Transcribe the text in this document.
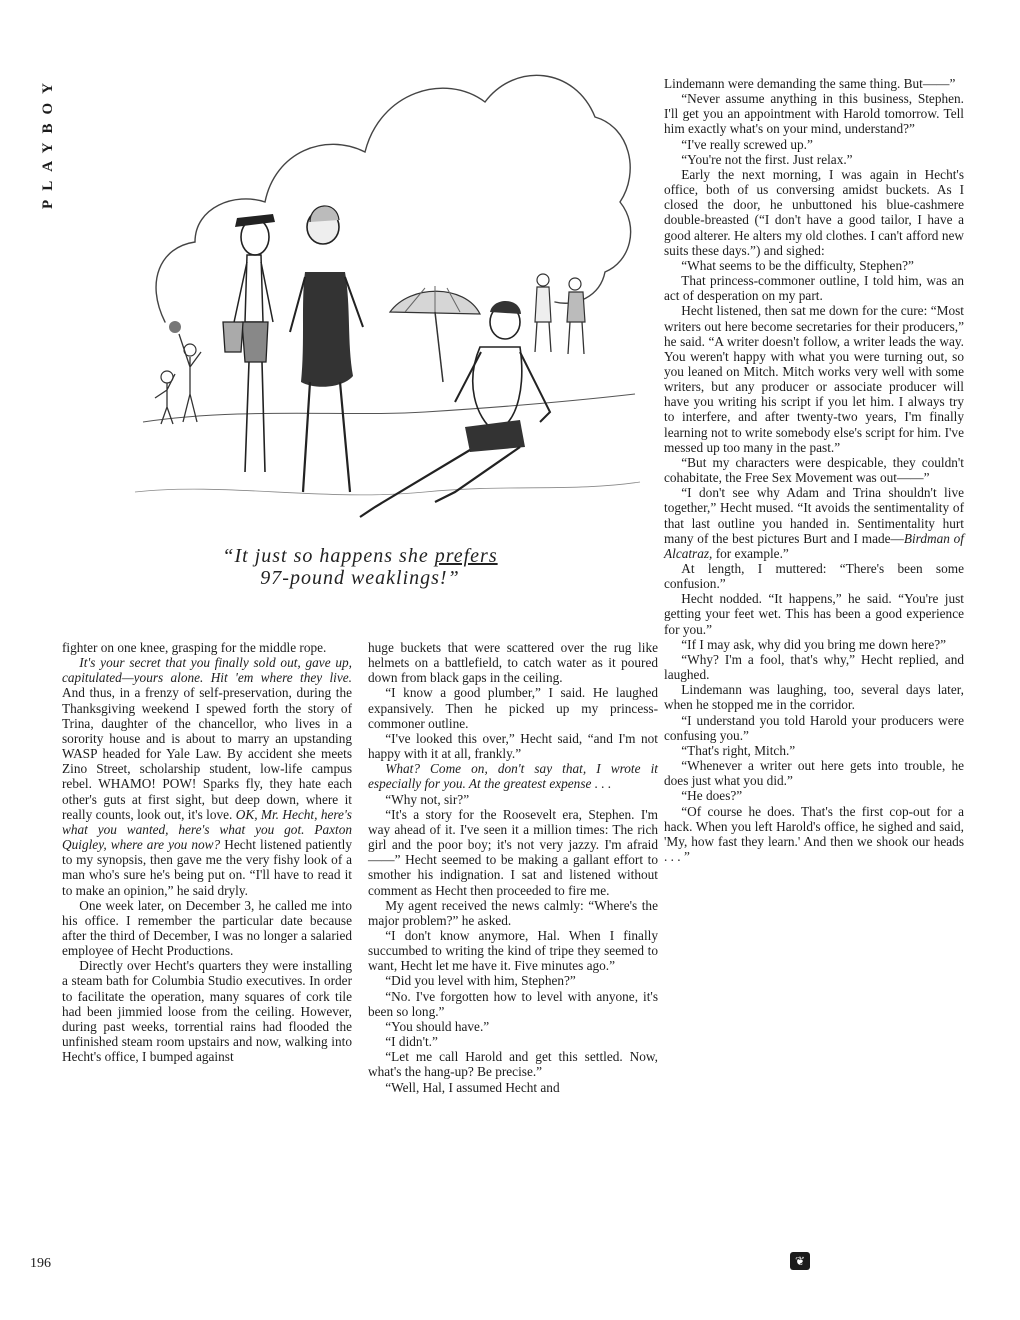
PLAYBOY
“It just so happens she prefers
97-pound weaklings!”

fighter on one knee, grasping for the middle rope.

It's your secret that you finally sold out, gave up, capitulated—yours alone. Hit 'em where they live. And thus, in a frenzy of self-preservation, during the Thanksgiving weekend I spewed forth the story of Trina, daughter of the chancellor, who lives in a sorority house and is about to marry an upstanding WASP headed for Yale Law. By accident she meets Zino Street, scholarship student, low-life campus rebel. WHAMO! POW! Sparks fly, they hate each other's guts at first sight, but deep down, where it really counts, look out, it's love. OK, Mr. Hecht, here's what you wanted, here's what you got. Paxton Quigley, where are you now? Hecht listened patiently to my synopsis, then gave me the very fishy look of a man who's sure he's being put on. “I'll have to read it to make an opinion,” he said dryly.

One week later, on December 3, he called me into his office. I remember the particular date because after the third of December, I was no longer a salaried employee of Hecht Productions.

Directly over Hecht's quarters they were installing a steam bath for Columbia Studio executives. In order to facilitate the operation, many squares of cork tile had been jimmied loose from the ceiling. However, during past weeks, torrential rains had flooded the unfinished steam room upstairs and now, walking into Hecht's office, I bumped against

huge buckets that were scattered over the rug like helmets on a battlefield, to catch water as it poured down from black gaps in the ceiling.

“I know a good plumber,” I said. He laughed expansively. Then he picked up my princess-commoner outline.

“I've looked this over,” Hecht said, “and I'm not happy with it at all, frankly.”

What? Come on, don't say that, I wrote it especially for you. At the greatest expense . . .

“Why not, sir?”

“It's a story for the Roosevelt era, Stephen. I'm way ahead of it. I've seen it a million times: The rich girl and the poor boy; it's not very jazzy. I'm afraid——” Hecht seemed to be making a gallant effort to smother his indignation. I sat and listened without comment as Hecht then proceeded to fire me.

My agent received the news calmly: “Where's the major problem?” he asked.

“I don't know anymore, Hal. When I finally succumbed to writing the kind of tripe they seemed to want, Hecht let me have it. Five minutes ago.”

“Did you level with him, Stephen?”

“No. I've forgotten how to level with anyone, it's been so long.”

“You should have.”

“I didn't.”

“Let me call Harold and get this settled. Now, what's the hang-up? Be precise.”

“Well, Hal, I assumed Hecht and

Lindemann were demanding the same thing. But——”

“Never assume anything in this business, Stephen. I'll get you an appointment with Harold tomorrow. Tell him exactly what's on your mind, understand?”

“I've really screwed up.”

“You're not the first. Just relax.”

Early the next morning, I was again in Hecht's office, both of us conversing amidst buckets. As I closed the door, he unbuttoned his blue-cashmere double-breasted (“I don't have a good tailor, I have a good alterer. He alters my old clothes. I can't afford new suits these days.”) and sighed:

“What seems to be the difficulty, Stephen?”

That princess-commoner outline, I told him, was an act of desperation on my part.

Hecht listened, then sat me down for the cure: “Most writers out here become secretaries for their producers,” he said. “A writer doesn't follow, a writer leads the way. You weren't happy with what you were turning out, so you leaned on Mitch. Mitch works very well with some writers, but any producer or associate producer will have you writing his script if you let him. I always try to interfere, and after twenty-two years, I'm finally learning not to write somebody else's script for him. I've messed up too many in the past.”

“But my characters were despicable, they couldn't cohabitate, the Free Sex Movement was out——”

“I don't see why Adam and Trina shouldn't live together,” Hecht mused. “It avoids the sentimentality of that last outline you handed in. Sentimentality hurt many of the best pictures Burt and I made—Birdman of Alcatraz, for example.”

At length, I muttered: “There's been some confusion.”

Hecht nodded. “It happens,” he said. “You're just getting your feet wet. This has been a good experience for you.”

“If I may ask, why did you bring me down here?”

“Why? I'm a fool, that's why,” Hecht replied, and laughed.

Lindemann was laughing, too, several days later, when he stopped me in the corridor.

“I understand you told Harold your producers were confusing you.”

“That's right, Mitch.”

“Whenever a writer out here gets into trouble, he does just what you did.”

“He does?”

“Of course he does. That's the first cop-out for a hack. When you left Harold's office, he sighed and said, 'My, how fast they learn.' And then we shook our heads . . . ”

196	❦
